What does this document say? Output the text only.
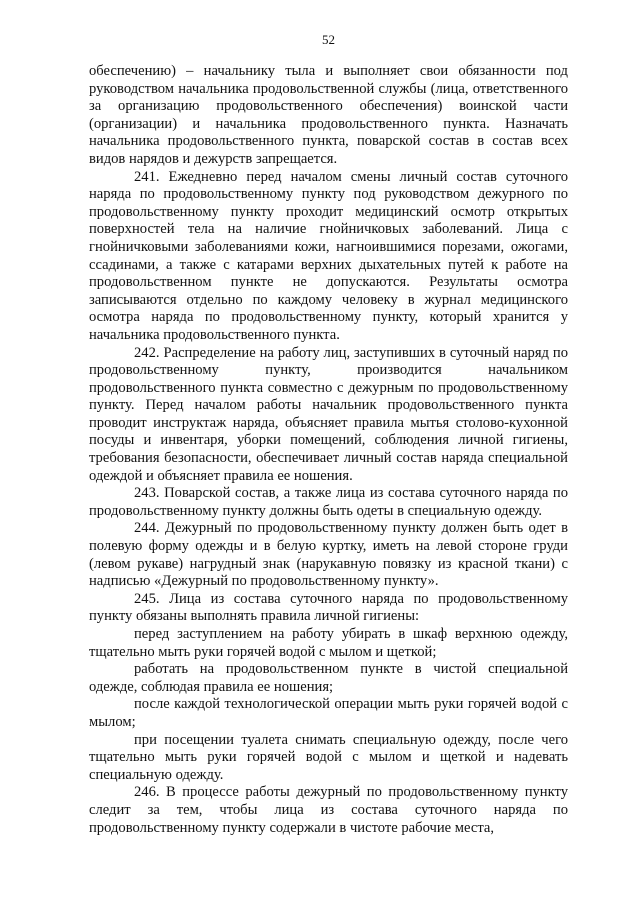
52

обеспечению) – начальнику тыла и выполняет свои обязанности под руководством начальника продовольственной службы (лица, ответственного за организацию продовольственного обеспечения) воинской части (организации) и начальника продовольственного пункта. Назначать начальника продовольственного пункта, поварской состав в состав всех видов нарядов и дежурств запрещается.

241. Ежедневно перед началом смены личный состав суточного наряда по продовольственному пункту под руководством дежурного по продовольственному пункту проходит медицинский осмотр открытых поверхностей тела на наличие гнойничковых заболеваний. Лица с гнойничковыми заболеваниями кожи, нагноившимися порезами, ожогами, ссадинами, а также с катарами верхних дыхательных путей к работе на продовольственном пункте не допускаются. Результаты осмотра записываются отдельно по каждому человеку в журнал медицинского осмотра наряда по продовольственному пункту, который хранится у начальника продовольственного пункта.

242. Распределение на работу лиц, заступивших в суточный наряд по продовольственному пункту, производится начальником продовольственного пункта совместно с дежурным по продовольственному пункту. Перед началом работы начальник продовольственного пункта проводит инструктаж наряда, объясняет правила мытья столово-кухонной посуды и инвентаря, уборки помещений, соблюдения личной гигиены, требования безопасности, обеспечивает личный состав наряда специальной одеждой и объясняет правила ее ношения.

243. Поварской состав, а также лица из состава суточного наряда по продовольственному пункту должны быть одеты в специальную одежду.

244. Дежурный по продовольственному пункту должен быть одет в полевую форму одежды и в белую куртку, иметь на левой стороне груди (левом рукаве) нагрудный знак (нарукавную повязку из красной ткани) с надписью «Дежурный по продовольственному пункту».

245. Лица из состава суточного наряда по продовольственному пункту обязаны выполнять правила личной гигиены:

перед заступлением на работу убирать в шкаф верхнюю одежду, тщательно мыть руки горячей водой с мылом и щеткой;

работать на продовольственном пункте в чистой специальной одежде, соблюдая правила ее ношения;

после каждой технологической операции мыть руки горячей водой с мылом;

при посещении туалета снимать специальную одежду, после чего тщательно мыть руки горячей водой с мылом и щеткой и надевать специальную одежду.

246. В процессе работы дежурный по продовольственному пункту следит за тем, чтобы лица из состава суточного наряда по продовольственному пункту содержали в чистоте рабочие места,
